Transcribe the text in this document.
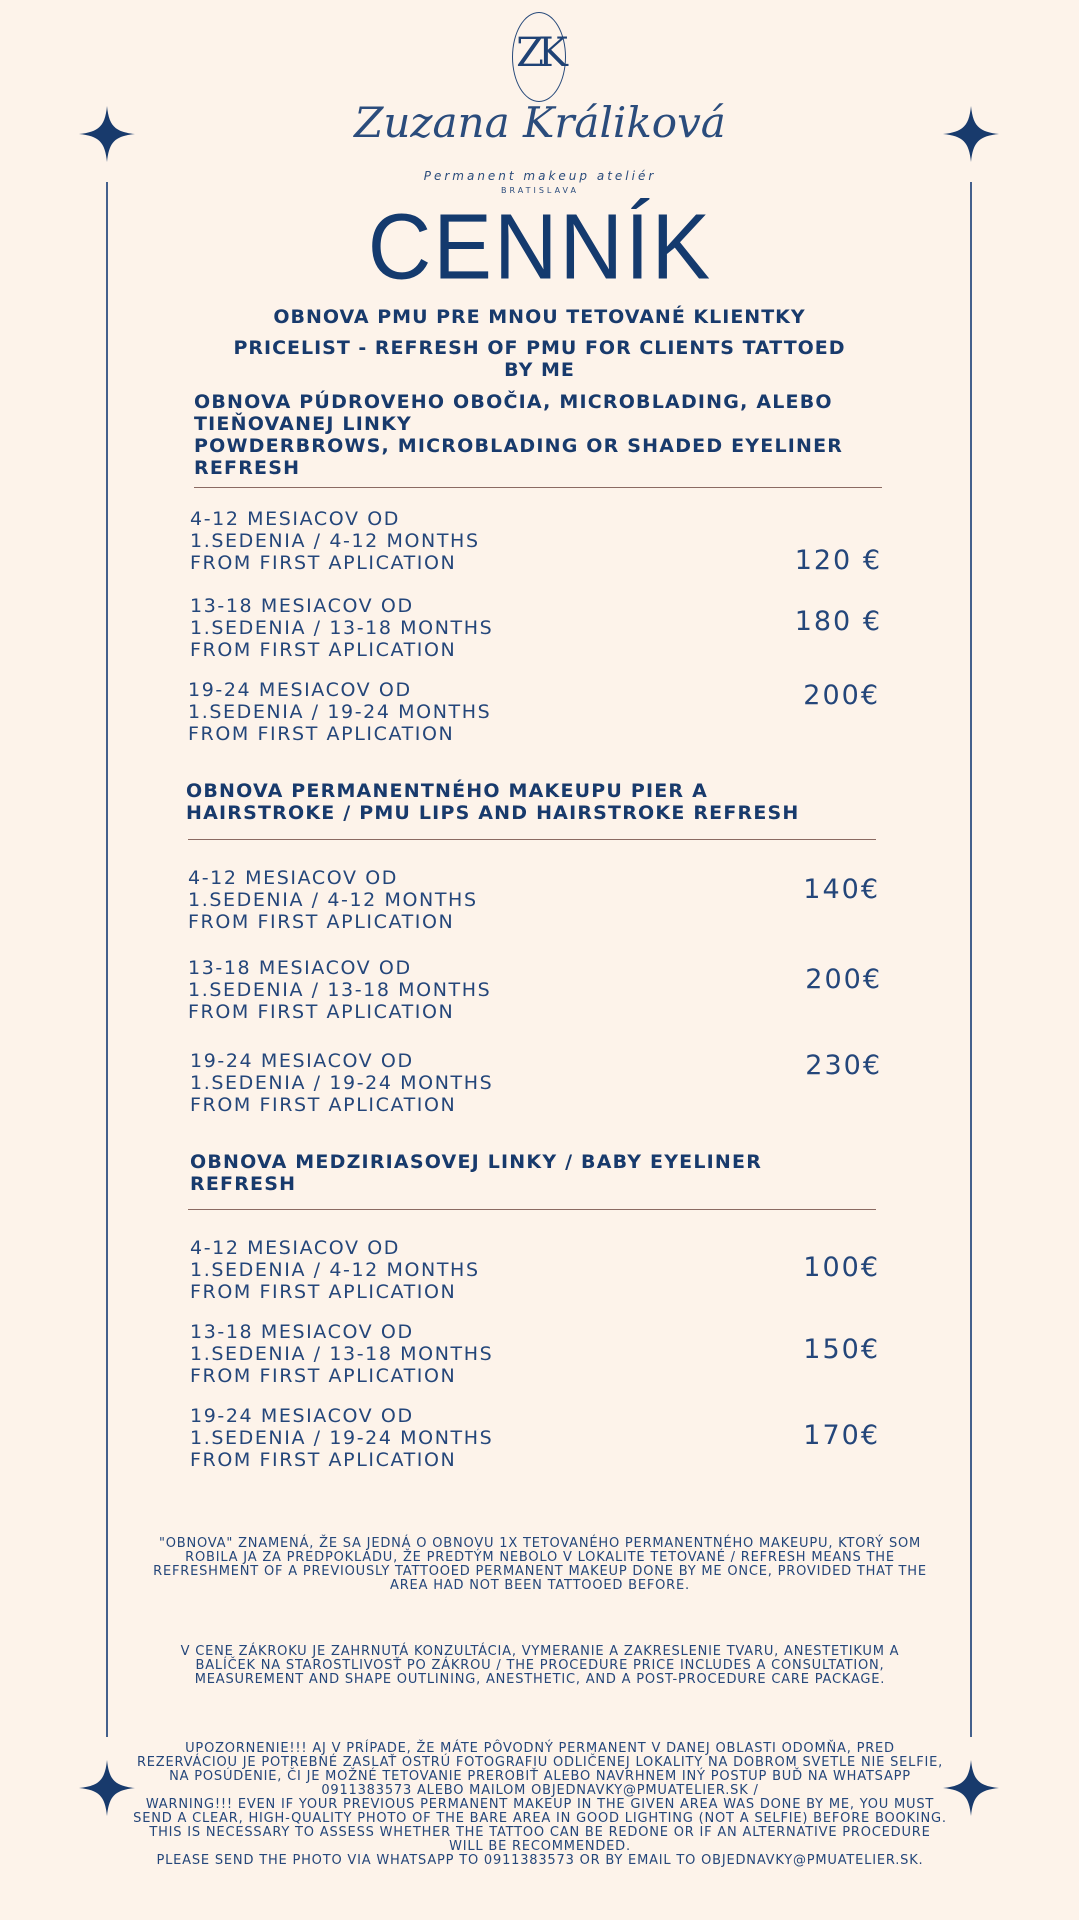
ZK
Zuzana Králiková
Permanent makeup ateliér
BRATISLAVA
CENNÍK
OBNOVA PMU PRE MNOU TETOVANÉ KLIENTKY
PRICELIST - REFRESH OF PMU FOR CLIENTS TATTOED
BY ME
OBNOVA PÚDROVEHO OBOČIA, MICROBLADING, ALEBO
TIEŇOVANEJ LINKY
POWDERBROWS, MICROBLADING OR SHADED EYELINER
REFRESH
4-12 MESIACOV OD
1.SEDENIA / 4-12 MONTHS
FROM FIRST APLICATION	120 €
13-18 MESIACOV OD
1.SEDENIA / 13-18 MONTHS
FROM FIRST APLICATION
180 €
19-24 MESIACOV OD
1.SEDENIA / 19-24 MONTHS
FROM FIRST APLICATION
200€
OBNOVA PERMANENTNÉHO MAKEUPU PIER A
HAIRSTROKE / PMU LIPS AND HAIRSTROKE REFRESH
4-12 MESIACOV OD
1.SEDENIA / 4-12 MONTHS
FROM FIRST APLICATION
140€
13-18 MESIACOV OD
1.SEDENIA / 13-18 MONTHS
FROM FIRST APLICATION
200€
19-24 MESIACOV OD
1.SEDENIA / 19-24 MONTHS
FROM FIRST APLICATION
230€
OBNOVA MEDZIRIASOVEJ LINKY / BABY EYELINER
REFRESH
4-12 MESIACOV OD
1.SEDENIA / 4-12 MONTHS
FROM FIRST APLICATION
100€
13-18 MESIACOV OD
1.SEDENIA / 13-18 MONTHS
FROM FIRST APLICATION
150€
19-24 MESIACOV OD
1.SEDENIA / 19-24 MONTHS
FROM FIRST APLICATION
170€
"OBNOVA" ZNAMENÁ, ŽE SA JEDNÁ O OBNOVU 1X TETOVANÉHO PERMANENTNÉHO MAKEUPU, KTORÝ SOM
ROBILA JA ZA PREDPOKLADU, ŽE PREDTÝM NEBOLO V LOKALITE TETOVANÉ / REFRESH MEANS THE
REFRESHMENT OF A PREVIOUSLY TATTOOED PERMANENT MAKEUP DONE BY ME ONCE, PROVIDED THAT THE
AREA HAD NOT BEEN TATTOOED BEFORE.
V CENE ZÁKROKU JE ZAHRNUTÁ KONZULTÁCIA, VYMERANIE A ZAKRESLENIE TVARU, ANESTETIKUM A
BALÍČEK NA STAROSTLIVOSŤ PO ZÁKROU / THE PROCEDURE PRICE INCLUDES A CONSULTATION,
MEASUREMENT AND SHAPE OUTLINING, ANESTHETIC, AND A POST-PROCEDURE CARE PACKAGE.
UPOZORNENIE!!! AJ V PRÍPADE, ŽE MÁTE PÔVODNÝ PERMANENT V DANEJ OBLASTI ODOMŇA, PRED
REZERVÁCIOU JE POTREBNÉ ZASLAŤ OSTRÚ FOTOGRAFIU ODLIČENEJ LOKALITY NA DOBROM SVETLE NIE SELFIE,
NA POSÚDENIE, ČI JE MOŽNÉ TETOVANIE PREROBIŤ ALEBO NAVRHNEM INÝ POSTUP BUĎ NA WHATSAPP
0911383573 ALEBO MAILOM OBJEDNAVKY@PMUATELIER.SK /
WARNING!!! EVEN IF YOUR PREVIOUS PERMANENT MAKEUP IN THE GIVEN AREA WAS DONE BY ME, YOU MUST
SEND A CLEAR, HIGH-QUALITY PHOTO OF THE BARE AREA IN GOOD LIGHTING (NOT A SELFIE) BEFORE BOOKING.
THIS IS NECESSARY TO ASSESS WHETHER THE TATTOO CAN BE REDONE OR IF AN ALTERNATIVE PROCEDURE
WILL BE RECOMMENDED.
PLEASE SEND THE PHOTO VIA WHATSAPP TO 0911383573 OR BY EMAIL TO OBJEDNAVKY@PMUATELIER.SK.
